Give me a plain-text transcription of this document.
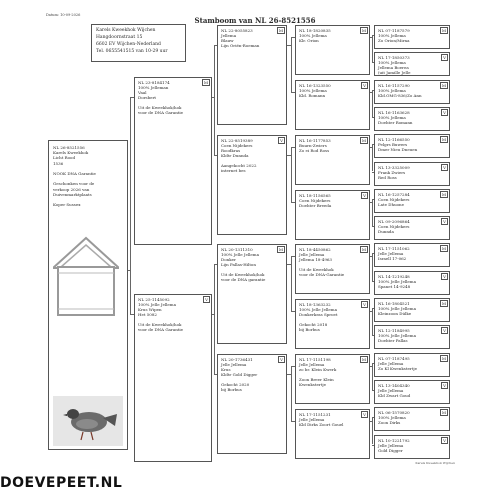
Datum: 10-09-2026
Stamboom van NL 26-8521556
Karels Kweekhok Wijchen
Hangdoornstraat 15
6602 EV Wijchen-Nederland
Tel. 0655541515 van 10-29 uur
NL 26-8521556
Karels Kweekhok
Licht Rood
1536
NOOK DNA Garantie
Geschonken voor de
verkoop 2026 van
Duivenmarktplaats
Koper Sussex
NL 23-8184174
100% Jelleman
Vaal
Dorsbert
Uit de Kweekhok/hok
voor de DNA Garantie
M
NL 25-1145092
100% Jelle Jellema
Krus Wipen
Het 5082
Uit de Kweekhok/hok
voor de DNA Garantie
V
NL 22-8055823
Jellema
Blauw
Lijn Oriën-Roeman
M
NL 22-8519389
Coen Nijdekers
Roodkras
Kldtr Dunnda
Aangekocht 2022
internet bes
V
NL 20-1311310
100% Jelle Jellema
Donker
Lijn Pallas-Hilton
Uit de Kweekhok/hok
voor de DNA garantie
M
NL 20-1736431
Jelle Jellema
Krus
Kldtr Gold Digger
Gekocht 2020
bij Borbus
V
NL 18-1820835
100% Jellema
Klr. Orion
M
NL 16-1323550
100% Jellema
Kld. Romann
V
NL 16-1177853
Buurn-Zwiers
Zo ei Rod Ross
M
NL 18-1156565
Coen Nijdekers
Doehter Breeda
V
NL 18-4450862
Jelle Jellema
Jellema 18-4963
Uit de Kweekhok
voor de DNA-Garantie
M
NL 18-1363232
100% Jelle Jellema
Donkerkras Sproet
Gekocht 2018
bij Borbus
V
NL 17-1151198
Jelle Jellema
zo br. Klein Kwerk
Zoon Breer Klein
Kwenkstertje
M
NL 17-1151231
Jelle Jellema
Kld Dirks Zoort Gouel
V
NL 07-1187579
100% Jellema
Zo Orion/Mirna
M
NL 17-1850373
100% Jellema
Jellema Boerea
(uit Jamille Jelle
V
NL 16-1157290
100% Jellema
Kld.OMG-836/Zo Ann
M
NL 16-1163628
100% Jellema
Doehter Romann
V
NL 12-1166550
Pelgrs Buwers
Dmer Nieu Dneuen
M
NL 13-3325009
Frank Zwiers
Red Ross
V
NL 16-1257284
Coen Nijdekers
Late Dhuone
M
NL 09-2096864
Coen Nijdekers
Dunnda
V
NL 17-1151062
Jelle Jellema
Israell 17-062
M
NL 14-1219248
100% Jelle Jellema
Spanet 14-9248
V
NL 16-1804521
100% Jelle Jellema
Kleinzoon Dülke
M
NL 12-1184995
100% Jelle Jellema
Doehter Pallas
V
NL 07-1187495
Jelle Jellema
Zo Kl Kwenkstertje
M
NL 13-1404340
Jelle Jellema
Kld Zwart Goud
V
NL 06-1570820
100% Jellema
Zoon Dirks
M
NL 10-1221792
Jelle Jellema
Gold Digger
V
Karels Kweekhok Wijchen
DOEVEPEET.NL
